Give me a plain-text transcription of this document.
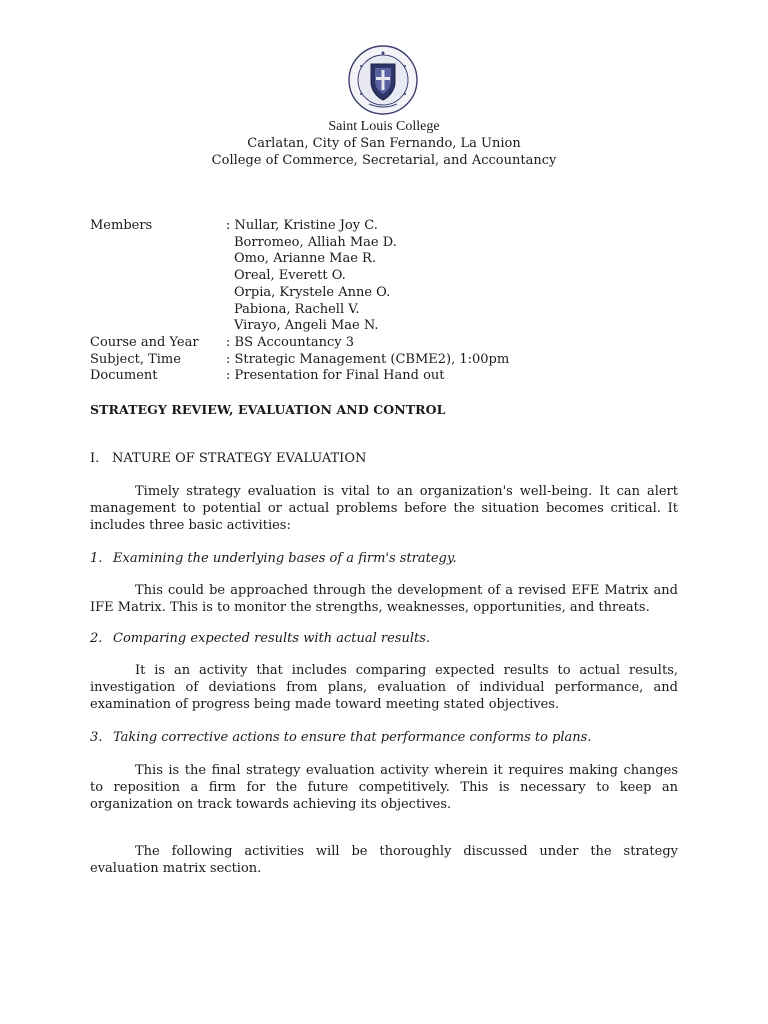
Saint Louis College
Carlatan, City of San Fernando, La Union
College of Commerce, Secretarial, and Accountancy
Members	: Nullar, Kristine Joy C.
Borromeo, Alliah Mae D.
Omo, Arianne Mae R.
Oreal, Everett O.
Orpia, Krystele Anne O.
Pabiona, Rachell V.
Virayo, Angeli Mae N.
Course and Year	: BS Accountancy 3
Subject, Time	: Strategic Management (CBME2), 1:00pm
Document	: Presentation for Final Hand out
STRATEGY REVIEW, EVALUATION AND CONTROL
I. NATURE OF STRATEGY EVALUATION

Timely strategy evaluation is vital to an organization's well-being. It can alert management to potential or actual problems before the situation becomes critical. It includes three basic activities:

1. Examining the underlying bases of a firm's strategy.

This could be approached through the development of a revised EFE Matrix and IFE Matrix. This is to monitor the strengths, weaknesses, opportunities, and threats.

2. Comparing expected results with actual results.

It is an activity that includes comparing expected results to actual results, investigation of deviations from plans, evaluation of individual performance, and examination of progress being made toward meeting stated objectives.

3. Taking corrective actions to ensure that performance conforms to plans.

This is the final strategy evaluation activity wherein it requires making changes to reposition a firm for the future competitively. This is necessary to keep an organization on track towards achieving its objectives.

The following activities will be thoroughly discussed under the strategy evaluation matrix section.
